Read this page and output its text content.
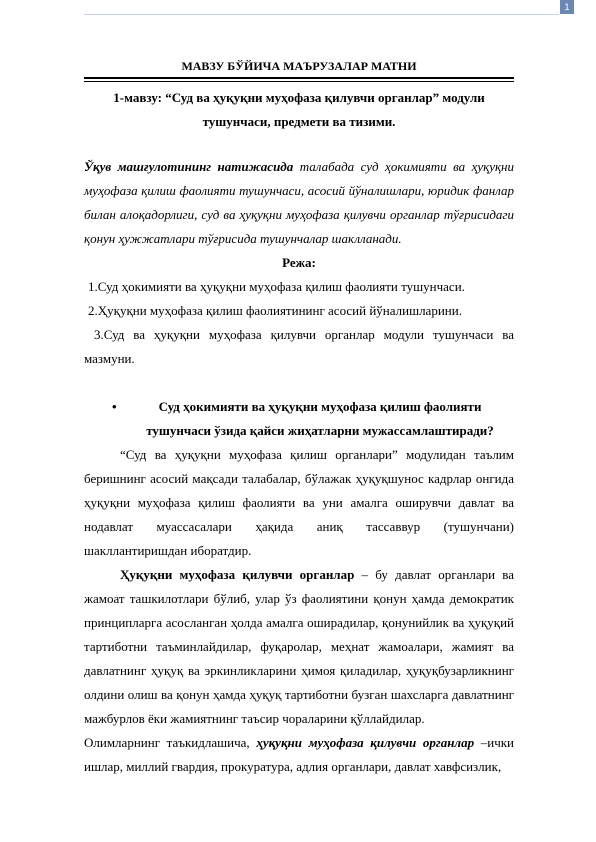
1
МАВЗУ БЎЙИЧА МАЪРУЗАЛАР МАТНИ
1-мавзу: “Суд ва ҳуқуқни муҳофаза қилувчи органлар” модули тушунчаси, предмети ва тизими.
Ўқув машғулотининг натижасида талабада суд ҳокимияти ва ҳуқуқни муҳофаза қилиш фаолияти тушунчаси, асосий йўналишлари, юридик фанлар билан алоқадорлиги, суд ва ҳуқуқни муҳофаза қилувчи органлар тўғрисидаги қонун ҳужжатлари тўғрисида тушунчалар шаклланади.
Режа:
1.Суд ҳокимияти ва ҳуқуқни муҳофаза қилиш фаолияти тушунчаси.
2.Ҳуқуқни муҳофаза қилиш фаолиятининг асосий йўналишларини.
3.Суд ва ҳуқуқни муҳофаза қилувчи органлар модули тушунчаси ва мазмуни.
•	Суд ҳокимияти ва ҳуқуқни муҳофаза қилиш фаолияти тушунчаси ўзида қайси жиҳатларни мужассамлаштиради?
“Суд ва ҳуқуқни муҳофаза қилиш органлари” модулидан таълим беришнинг асосий мақсади талабалар, бўлажак ҳуқуқшунос кадрлар онгида ҳуқуқни муҳофаза қилиш фаолияти ва уни амалга оширувчи давлат ва нодавлат муассасалари ҳақида аниқ тассаввур (тушунчани) шакллантиришдан иборатдир.
Ҳуқуқни муҳофаза қилувчи органлар – бу давлат органлари ва жамоат ташкилотлари бўлиб, улар ўз фаолиятини қонун ҳамда демократик принципларга асосланган ҳолда амалга оширадилар, қонунийлик ва ҳуқуқий тартиботни таъминлайдилар, фуқаролар, меҳнат жамоалари, жамият ва давлатнинг ҳуқуқ ва эркинликларини ҳимоя қиладилар, ҳуқуқбузарликнинг олдини олиш ва қонун ҳамда ҳуқуқ тартиботни бузган шахсларга давлатнинг мажбурлов ёки жамиятнинг таъсир чораларини қўллайдилар.
Олимларнинг таъкидлашича, ҳуқуқни муҳофаза қилувчи органлар –ички ишлар, миллий гвардия, прокуратура, адлия органлари, давлат хавфсизлик,
